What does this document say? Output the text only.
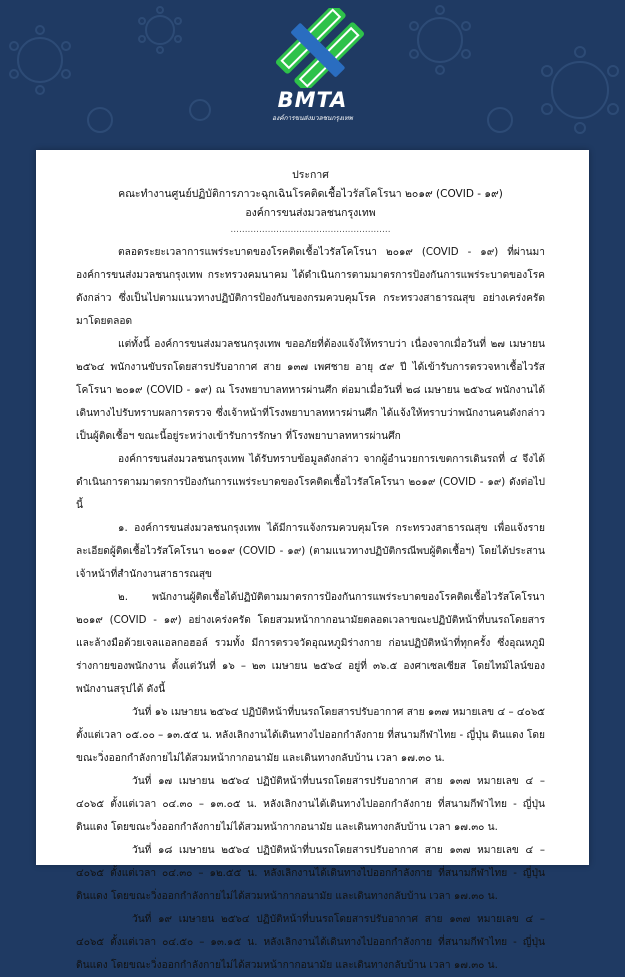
BMTA
องค์การขนส่งมวลชนกรุงเทพ
ประกาศ
คณะทำงานศูนย์ปฏิบัติการภาวะฉุกเฉินโรคติดเชื้อไวรัสโคโรนา ๒๐๑๙ (COVID - ๑๙)
องค์การขนส่งมวลชนกรุงเทพ
........................................................

ตลอดระยะเวลาการแพร่ระบาดของโรคติดเชื้อไวรัสโคโรนา ๒๐๑๙ (COVID - ๑๙) ที่ผ่านมาองค์การขนส่งมวลชนกรุงเทพ กระทรวงคมนาคม ได้ดำเนินการตามมาตรการป้องกันการแพร่ระบาดของโรคดังกล่าว ซึ่งเป็นไปตามแนวทางปฏิบัติการป้องกันของกรมควบคุมโรค กระทรวงสาธารณสุข อย่างเคร่งครัดมาโดยตลอด

แต่ทั้งนี้ องค์การขนส่งมวลชนกรุงเทพ ขออภัยที่ต้องแจ้งให้ทราบว่า เนื่องจากเมื่อวันที่ ๒๗ เมษายน ๒๕๖๔ พนักงานขับรถโดยสารปรับอากาศ สาย ๑๓๗ เพศชาย อายุ ๕๙ ปี ได้เข้ารับการตรวจหาเชื้อไวรัสโคโรนา ๒๐๑๙ (COVID - ๑๙) ณ โรงพยาบาลทหารผ่านศึก ต่อมาเมื่อวันที่ ๒๘ เมษายน ๒๕๖๔ พนักงานได้เดินทางไปรับทราบผลการตรวจ ซึ่งเจ้าหน้าที่โรงพยาบาลทหารผ่านศึก ได้แจ้งให้ทราบว่าพนักงานคนดังกล่าวเป็นผู้ติดเชื้อฯ ขณะนี้อยู่ระหว่างเข้ารับการรักษา ที่โรงพยาบาลทหารผ่านศึก

องค์การขนส่งมวลชนกรุงเทพ ได้รับทราบข้อมูลดังกล่าว จากผู้อำนวยการเขตการเดินรถที่ ๔ จึงได้ดำเนินการตามมาตรการป้องกันการแพร่ระบาดของโรคติดเชื้อไวรัสโคโรนา ๒๐๑๙ (COVID - ๑๙) ดังต่อไปนี้

๑. องค์การขนส่งมวลชนกรุงเทพ ได้มีการแจ้งกรมควบคุมโรค กระทรวงสาธารณสุข เพื่อแจ้งรายละเอียดผู้ติดเชื้อไวรัสโคโรนา ๒๐๑๙ (COVID - ๑๙) (ตามแนวทางปฏิบัติกรณีพบผู้ติดเชื้อฯ) โดยได้ประสานเจ้าหน้าที่สำนักงานสาธารณสุข

๒. พนักงานผู้ติดเชื้อได้ปฏิบัติตามมาตรการป้องกันการแพร่ระบาดของโรคติดเชื้อไวรัสโคโรนา ๒๐๑๙ (COVID - ๑๙) อย่างเคร่งครัด โดยสวมหน้ากากอนามัยตลอดเวลาขณะปฏิบัติหน้าที่บนรถโดยสาร และล้างมือด้วยเจลแอลกอฮอล์ รวมทั้ง มีการตรวจวัดอุณหภูมิร่างกาย ก่อนปฏิบัติหน้าที่ทุกครั้ง ซึ่งอุณหภูมิร่างกายของพนักงาน ตั้งแต่วันที่ ๑๖ – ๒๓ เมษายน ๒๕๖๔ อยู่ที่ ๓๖.๕ องศาเซลเซียส โดยไทม์ไลน์ของพนักงานสรุปได้ ดังนี้

วันที่ ๑๖ เมษายน ๒๕๖๔ ปฏิบัติหน้าที่บนรถโดยสารปรับอากาศ สาย ๑๓๗ หมายเลข ๔ – ๔๐๖๕ ตั้งแต่เวลา ๐๕.๐๐ – ๑๓.๕๕ น. หลังเลิกงานได้เดินทางไปออกกำลังกาย ที่สนามกีฬาไทย - ญี่ปุ่น ดินแดง โดยขณะวิ่งออกกำลังกายไม่ได้สวมหน้ากากอนามัย และเดินทางกลับบ้าน เวลา ๑๗.๓๐ น.

วันที่ ๑๗ เมษายน ๒๕๖๔ ปฏิบัติหน้าที่บนรถโดยสารปรับอากาศ สาย ๑๓๗ หมายเลข ๔ – ๔๐๖๕ ตั้งแต่เวลา ๐๔.๓๐ – ๑๓.๐๕ น. หลังเลิกงานได้เดินทางไปออกกำลังกาย ที่สนามกีฬาไทย - ญี่ปุ่น ดินแดง โดยขณะวิ่งออกกำลังกายไม่ได้สวมหน้ากากอนามัย และเดินทางกลับบ้าน เวลา ๑๗.๓๐ น.

วันที่ ๑๘ เมษายน ๒๕๖๔ ปฏิบัติหน้าที่บนรถโดยสารปรับอากาศ สาย ๑๓๗ หมายเลข ๔ – ๔๐๖๕ ตั้งแต่เวลา ๐๔.๓๐ – ๑๒.๕๕ น. หลังเลิกงานได้เดินทางไปออกกำลังกาย ที่สนามกีฬาไทย - ญี่ปุ่น ดินแดง โดยขณะวิ่งออกกำลังกายไม่ได้สวมหน้ากากอนามัย และเดินทางกลับบ้าน เวลา ๑๗.๓๐ น.

วันที่ ๑๙ เมษายน ๒๕๖๔ ปฏิบัติหน้าที่บนรถโดยสารปรับอากาศ สาย ๑๓๗ หมายเลข ๔ – ๔๐๖๕ ตั้งแต่เวลา ๐๔.๕๐ – ๑๓.๑๕ น. หลังเลิกงานได้เดินทางไปออกกำลังกาย ที่สนามกีฬาไทย - ญี่ปุ่น ดินแดง โดยขณะวิ่งออกกำลังกายไม่ได้สวมหน้ากากอนามัย และเดินทางกลับบ้าน เวลา ๑๗.๓๐ น.
